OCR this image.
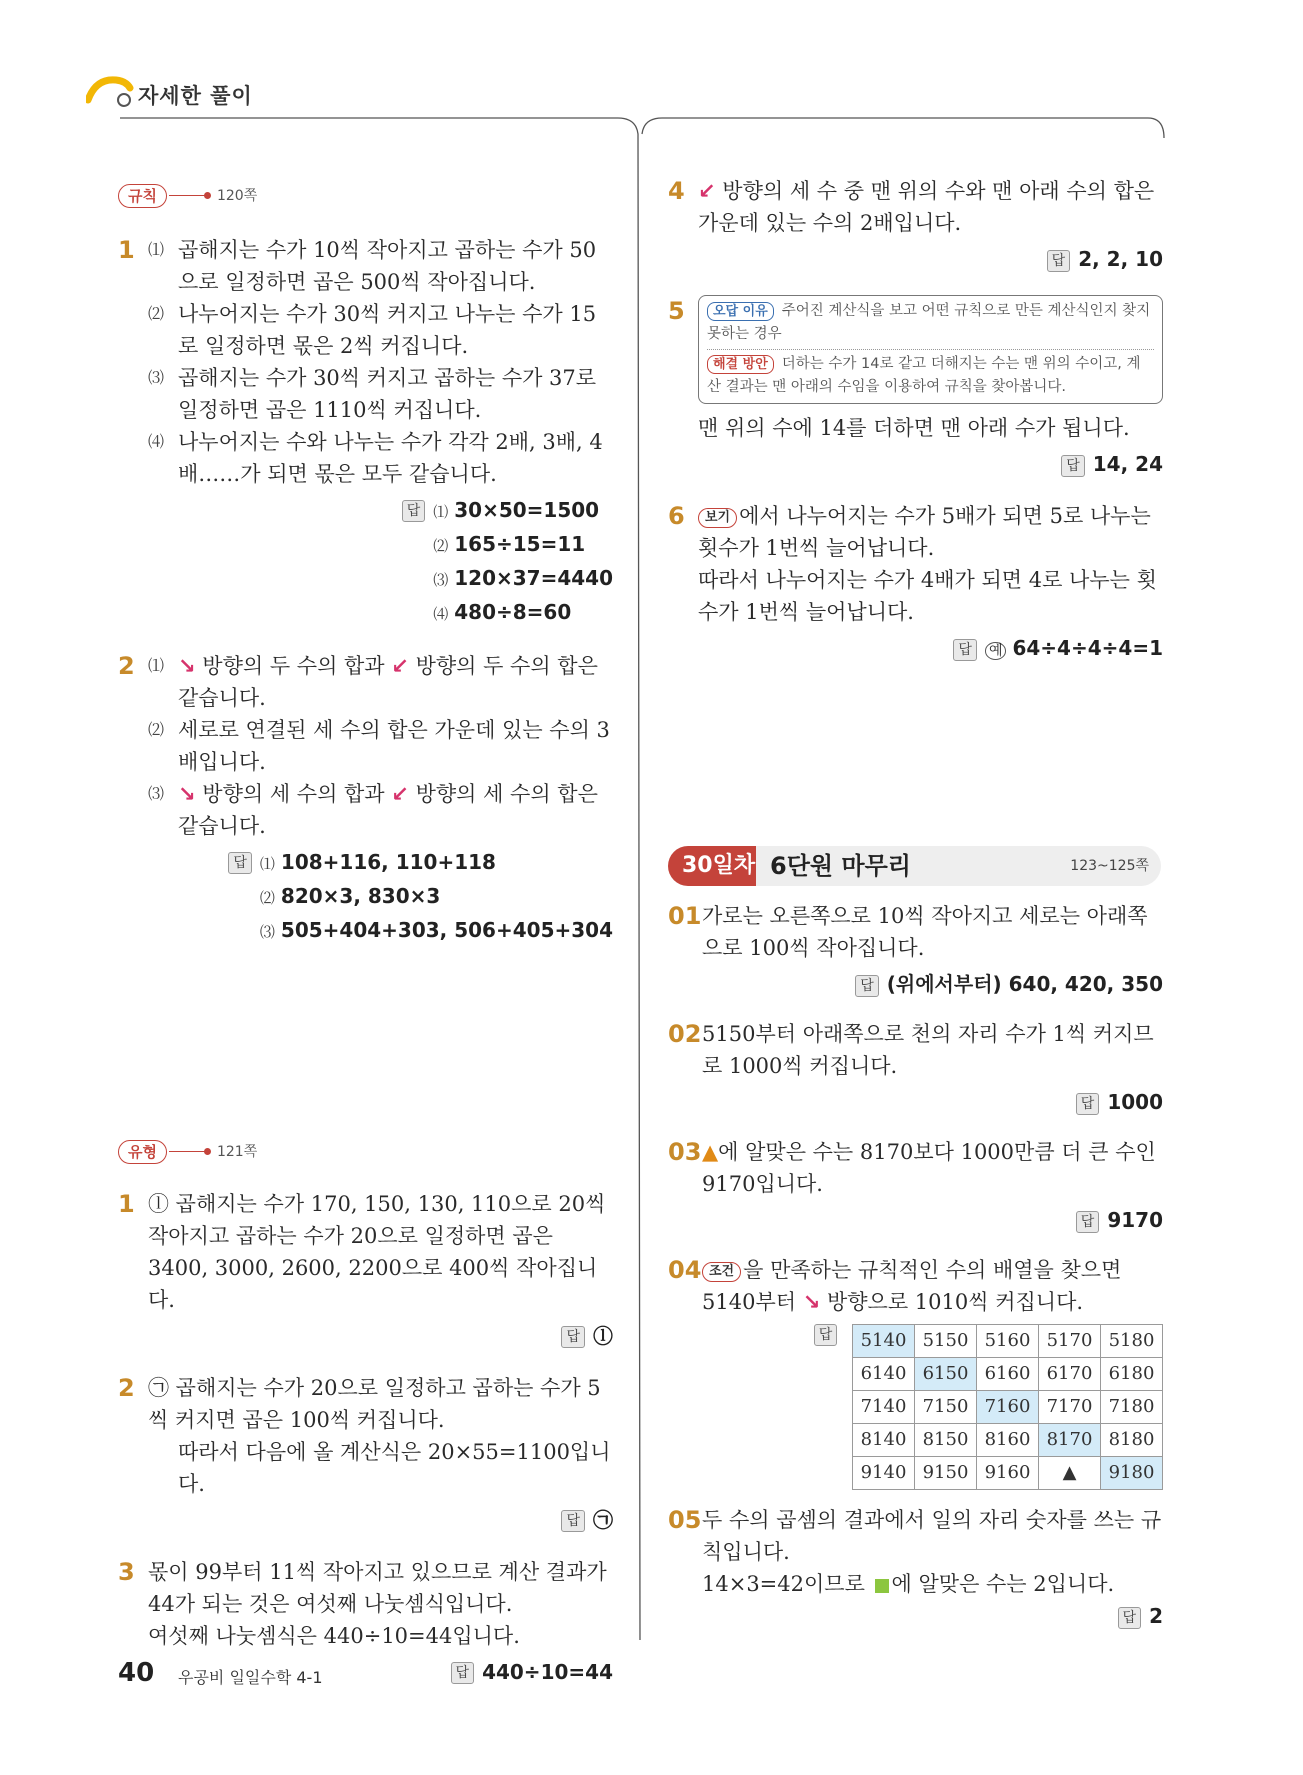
자세한 풀이
규칙	120쪽
1 ⑴ 곱해지는 수가 10씩 작아지고 곱하는 수가 50으로 일정하면 곱은 500씩 작아집니다.
⑵ 나누어지는 수가 30씩 커지고 나누는 수가 15로 일정하면 몫은 2씩 커집니다.
⑶ 곱해지는 수가 30씩 커지고 곱하는 수가 37로 일정하면 곱은 1110씩 커집니다.
⑷ 나누어지는 수와 나누는 수가 각각 2배, 3배, 4배……가 되면 몫은 모두 같습니다.
답 ⑴ 30×50=1500
⑵ 165÷15=11
⑶ 120×37=4440
⑷ 480÷8=60
2 ⑴ ↘ 방향의 두 수의 합과 ↙ 방향의 두 수의 합은 같습니다.
⑵ 세로로 연결된 세 수의 합은 가운데 있는 수의 3배입니다.
⑶ ↘ 방향의 세 수의 합과 ↙ 방향의 세 수의 합은 같습니다.
답 ⑴ 108+116, 110+118
⑵ 820×3, 830×3
⑶ 505+404+303, 506+405+304
유형	121쪽
1 ⓛ 곱해지는 수가 170, 150, 130, 110으로 20씩 작아지고 곱하는 수가 20으로 일정하면 곱은 3400, 3000, 2600, 2200으로 400씩 작아집니다.
답 ⓛ
2 ㉠ 곱해지는 수가 20으로 일정하고 곱하는 수가 5씩 커지면 곱은 100씩 커집니다.
따라서 다음에 올 계산식은 20×55=1100입니다.
답 ㉠
3 몫이 99부터 11씩 작아지고 있으므로 계산 결과가 44가 되는 것은 여섯째 나눗셈식입니다.
여섯째 나눗셈식은 440÷10=44입니다.
답 440÷10=44
4 ↙ 방향의 세 수 중 맨 위의 수와 맨 아래 수의 합은 가운데 있는 수의 2배입니다.
답 2, 2, 10
5	오답 이유 주어진 계산식을 보고 어떤 규칙으로 만든 계산식인지 찾지 못하는 경우
해결 방안 더하는 수가 14로 같고 더해지는 수는 맨 위의 수이고, 계산 결과는 맨 아래의 수임을 이용하여 규칙을 찾아봅니다.
맨 위의 수에 14를 더하면 맨 아래 수가 됩니다.
답 14, 24
6	보기 에서 나누어지는 수가 5배가 되면 5로 나누는 횟수가 1번씩 늘어납니다.
따라서 나누어지는 수가 4배가 되면 4로 나누는 횟수가 1번씩 늘어납니다.
답 예 64÷4÷4÷4=1
30일차 6단원 마무리	123~125쪽
01 가로는 오른쪽으로 10씩 작아지고 세로는 아래쪽으로 100씩 작아집니다.
답 (위에서부터) 640, 420, 350
02 5150부터 아래쪽으로 천의 자리 수가 1씩 커지므로 1000씩 커집니다.
답 1000
03 ▲에 알맞은 수는 8170보다 1000만큼 더 큰 수인 9170입니다.
답 9170
04 조건 을 만족하는 규칙적인 수의 배열을 찾으면 5140부터 ↘ 방향으로 1010씩 커집니다.
답 5140	5150	5160	5170	5180
6140	6150	6160	6170	6180
7140	7150	7160	7170	7180
8140	8150	8160	8170	8180
9140	9150	9160	▲	9180
05 두 수의 곱셈의 결과에서 일의 자리 숫자를 쓰는 규칙입니다.
14×3=42이므로 에 알맞은 수는 2입니다.
답 2
40 우공비 일일수학 4-1
